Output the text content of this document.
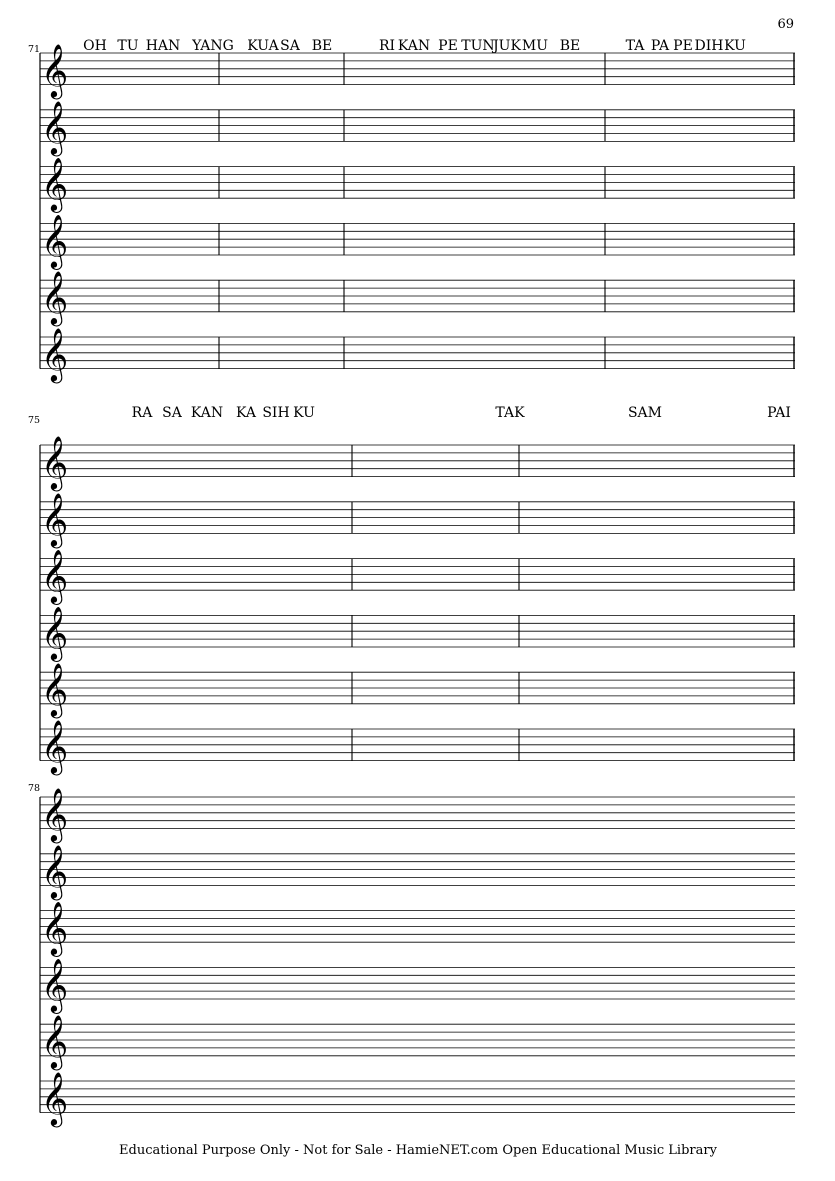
69
𝄞
𝄞
𝄞
𝄞
𝄞
𝄞
71	OH TU HAN YANG KUA SA BE	RI KAN PE TUN
JUK MU BE	TA PA PE DIH KU
𝄞
𝄞
𝄞
𝄞
𝄞
𝄞
75	RA SA KAN KA SIH KU	TAK	SAM	PAI
𝄞
𝄞
𝄞
𝄞
𝄞
𝄞
78
Educational Purpose Only - Not for Sale - HamieNET.com Open Educational Music Library
